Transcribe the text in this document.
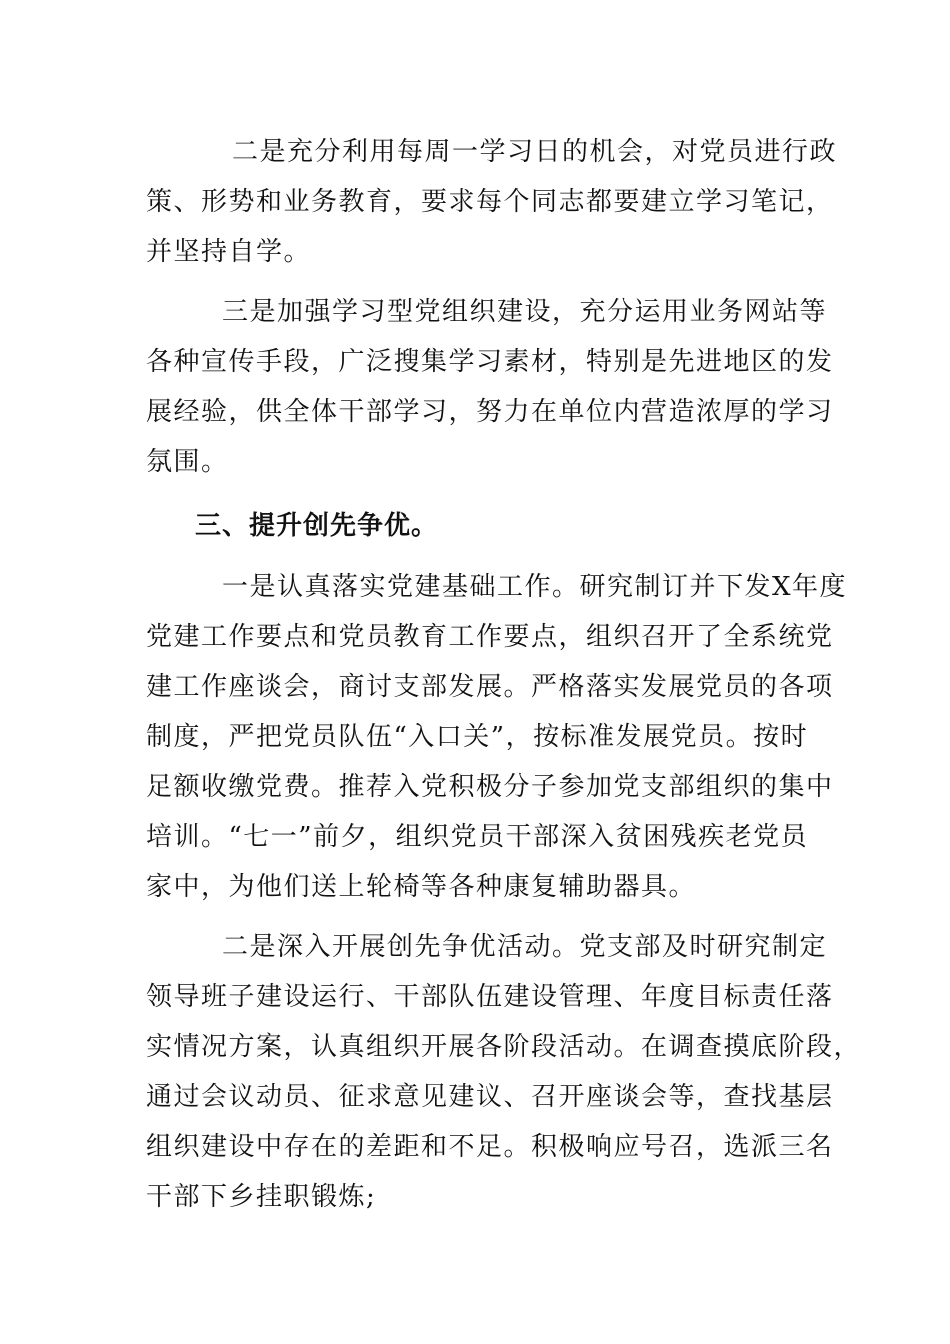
二是充分利用每周一学习日的机会，对党员进行政
策、形势和业务教育，要求每个同志都要建立学习笔记，
并坚持自学。
三是加强学习型党组织建设，充分运用业务网站等
各种宣传手段，广泛搜集学习素材，特别是先进地区的发
展经验，供全体干部学习，努力在单位内营造浓厚的学习
氛围。
三、提升创先争优。
一是认真落实党建基础工作。研究制订并下发X年度
党建工作要点和党员教育工作要点，组织召开了全系统党
建工作座谈会，商讨支部发展。严格落实发展党员的各项
制度，严把党员队伍“入口关”，按标准发展党员。按时
足额收缴党费。推荐入党积极分子参加党支部组织的集中
培训。“七一”前夕，组织党员干部深入贫困残疾老党员
家中，为他们送上轮椅等各种康复辅助器具。
二是深入开展创先争优活动。党支部及时研究制定
领导班子建设运行、干部队伍建设管理、年度目标责任落
实情况方案，认真组织开展各阶段活动。在调查摸底阶段，
通过会议动员、征求意见建议、召开座谈会等，查找基层
组织建设中存在的差距和不足。积极响应号召，选派三名
干部下乡挂职锻炼;
